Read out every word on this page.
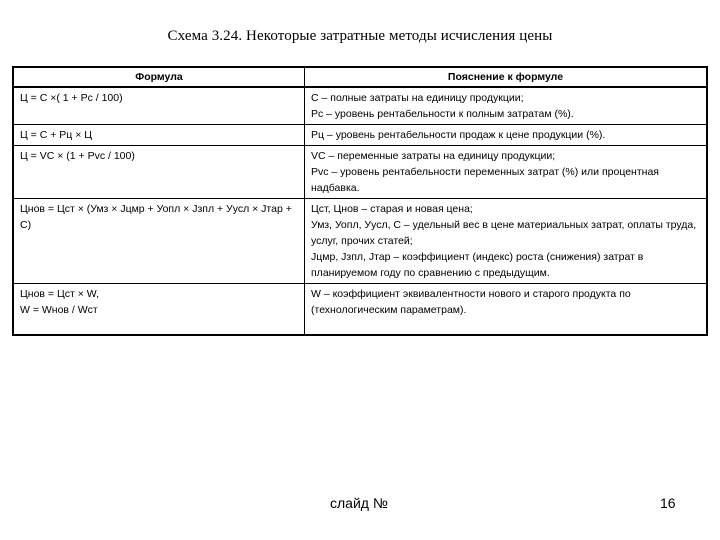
Схема 3.24. Некоторые затратные методы исчисления цены
Формула	Пояснение к формуле

Ц = С ×( 1 + Рс / 100)	С – полные затраты на единицу продукции;
Рс – уровень рентабельности к полным затратам (%).

Ц = С + Рц × Ц	Рц – уровень рентабельности продаж к цене продукции (%).

Ц = VC × (1 + Pvc / 100)	VC – переменные затраты на единицу продукции;
Pvc – уровень рентабельности переменных затрат (%) или процентная надбавка.

Цнов = Цст × (Умз × Jцмр + Уопл × Jзпл + Уусл × Jтар + С)	Цст, Цнов – старая и новая цена;
Умз, Уопл, Уусл, С – удельный вес в цене материальных затрат, оплаты труда, услуг, прочих статей;
Jцмр, Jзпл, Jтар – коэффициент (индекс) роста (снижения) затрат в планируемом году по сравнению с предыдущим.

Цнов = Цст × W,
W = Wнов / Wст	W – коэффициент эквивалентности нового и старого продукта по (технологическим параметрам).
слайд №	16
